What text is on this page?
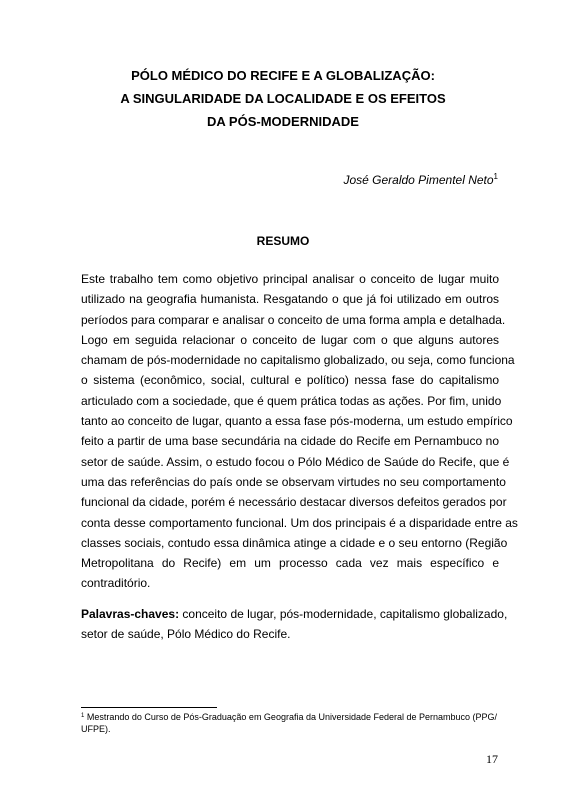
PÓLO MÉDICO DO RECIFE E A GLOBALIZAÇÃO:
A SINGULARIDADE DA LOCALIDADE E OS EFEITOS
DA PÓS-MODERNIDADE
José Geraldo Pimentel Neto$^1$
RESUMO
Este trabalho tem como objetivo principal analisar o conceito de lugar muito
utilizado na geografia humanista. Resgatando o que já foi utilizado em outros
períodos para comparar e analisar o conceito de uma forma ampla e detalhada.
Logo em seguida relacionar o conceito de lugar com o que alguns autores
chamam de pós-modernidade no capitalismo globalizado, ou seja, como funciona
o sistema (econômico, social, cultural e político) nessa fase do capitalismo
articulado com a sociedade, que é quem prática todas as ações. Por fim, unido
tanto ao conceito de lugar, quanto a essa fase pós-moderna, um estudo empírico
feito a partir de uma base secundária na cidade do Recife em Pernambuco no
setor de saúde. Assim, o estudo focou o Pólo Médico de Saúde do Recife, que é
uma das referências do país onde se observam virtudes no seu comportamento
funcional da cidade, porém é necessário destacar diversos defeitos gerados por
conta desse comportamento funcional. Um dos principais é a disparidade entre as
classes sociais, contudo essa dinâmica atinge a cidade e o seu entorno (Região
Metropolitana do Recife) em um processo cada vez mais específico e
contraditório.
Palavras-chaves: conceito de lugar, pós-modernidade, capitalismo globalizado,
setor de saúde, Pólo Médico do Recife.
$^1$ Mestrando do Curso de Pós-Graduação em Geografia da Universidade Federal de Pernambuco (PPG/ UFPE).
17
